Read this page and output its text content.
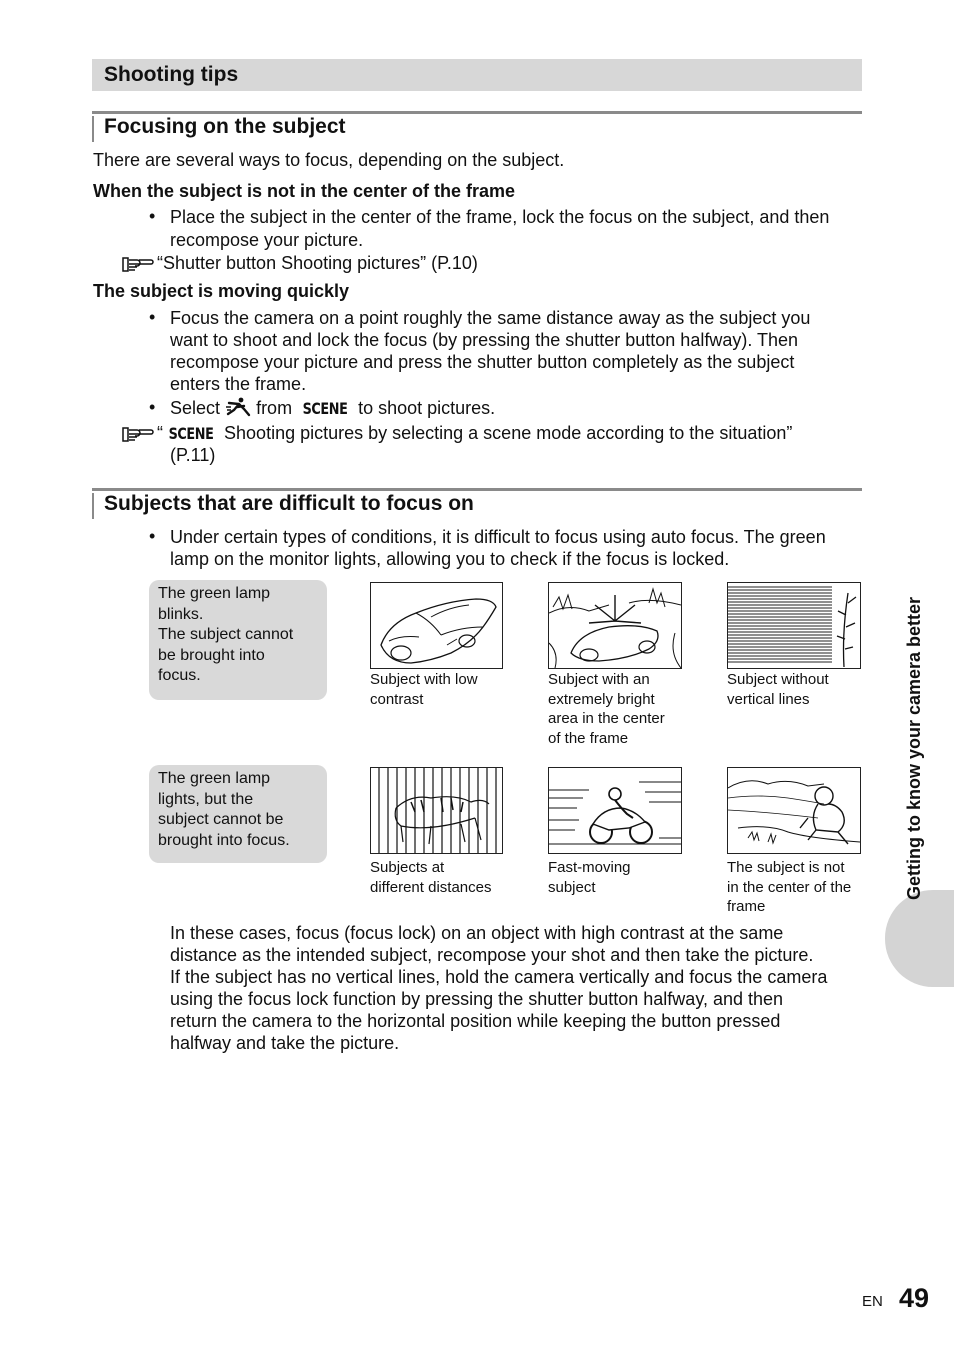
Shooting tips
Focusing on the subject
There are several ways to focus, depending on the subject.
When the subject is not in the center of the frame
• Place the subject in the center of the frame, lock the focus on the subject, and then
recompose your picture.
“Shutter button Shooting pictures” (P.10)
The subject is moving quickly
• Focus the camera on a point roughly the same distance away as the subject you
want to shoot and lock the focus (by pressing the shutter button halfway). Then
recompose your picture and press the shutter button completely as the subject
enters the frame.
• Select from SCENE to shoot pictures.
“ SCENE Shooting pictures by selecting a scene mode according to the situation”
(P.11)
Subjects that are difficult to focus on
• Under certain types of conditions, it is difficult to focus using auto focus. The green
lamp on the monitor lights, allowing you to check if the focus is locked.
The green lamp
blinks.
The subject cannot
be brought into
focus.	Subject with low
contrast
Subject with an
extremely bright
area in the center
of the frame
Subject without
vertical lines
The green lamp
lights, but the
subject cannot be
brought into focus.
Subjects at
different distances
Fast-moving
subject
The subject is not
in the center of the
frame
In these cases, focus (focus lock) on an object with high contrast at the same
distance as the intended subject, recompose your shot and then take the picture.
If the subject has no vertical lines, hold the camera vertically and focus the camera
using the focus lock function by pressing the shutter button halfway, and then
return the camera to the horizontal position while keeping the button pressed
halfway and take the picture.
Getting to know your camera better
EN 49
